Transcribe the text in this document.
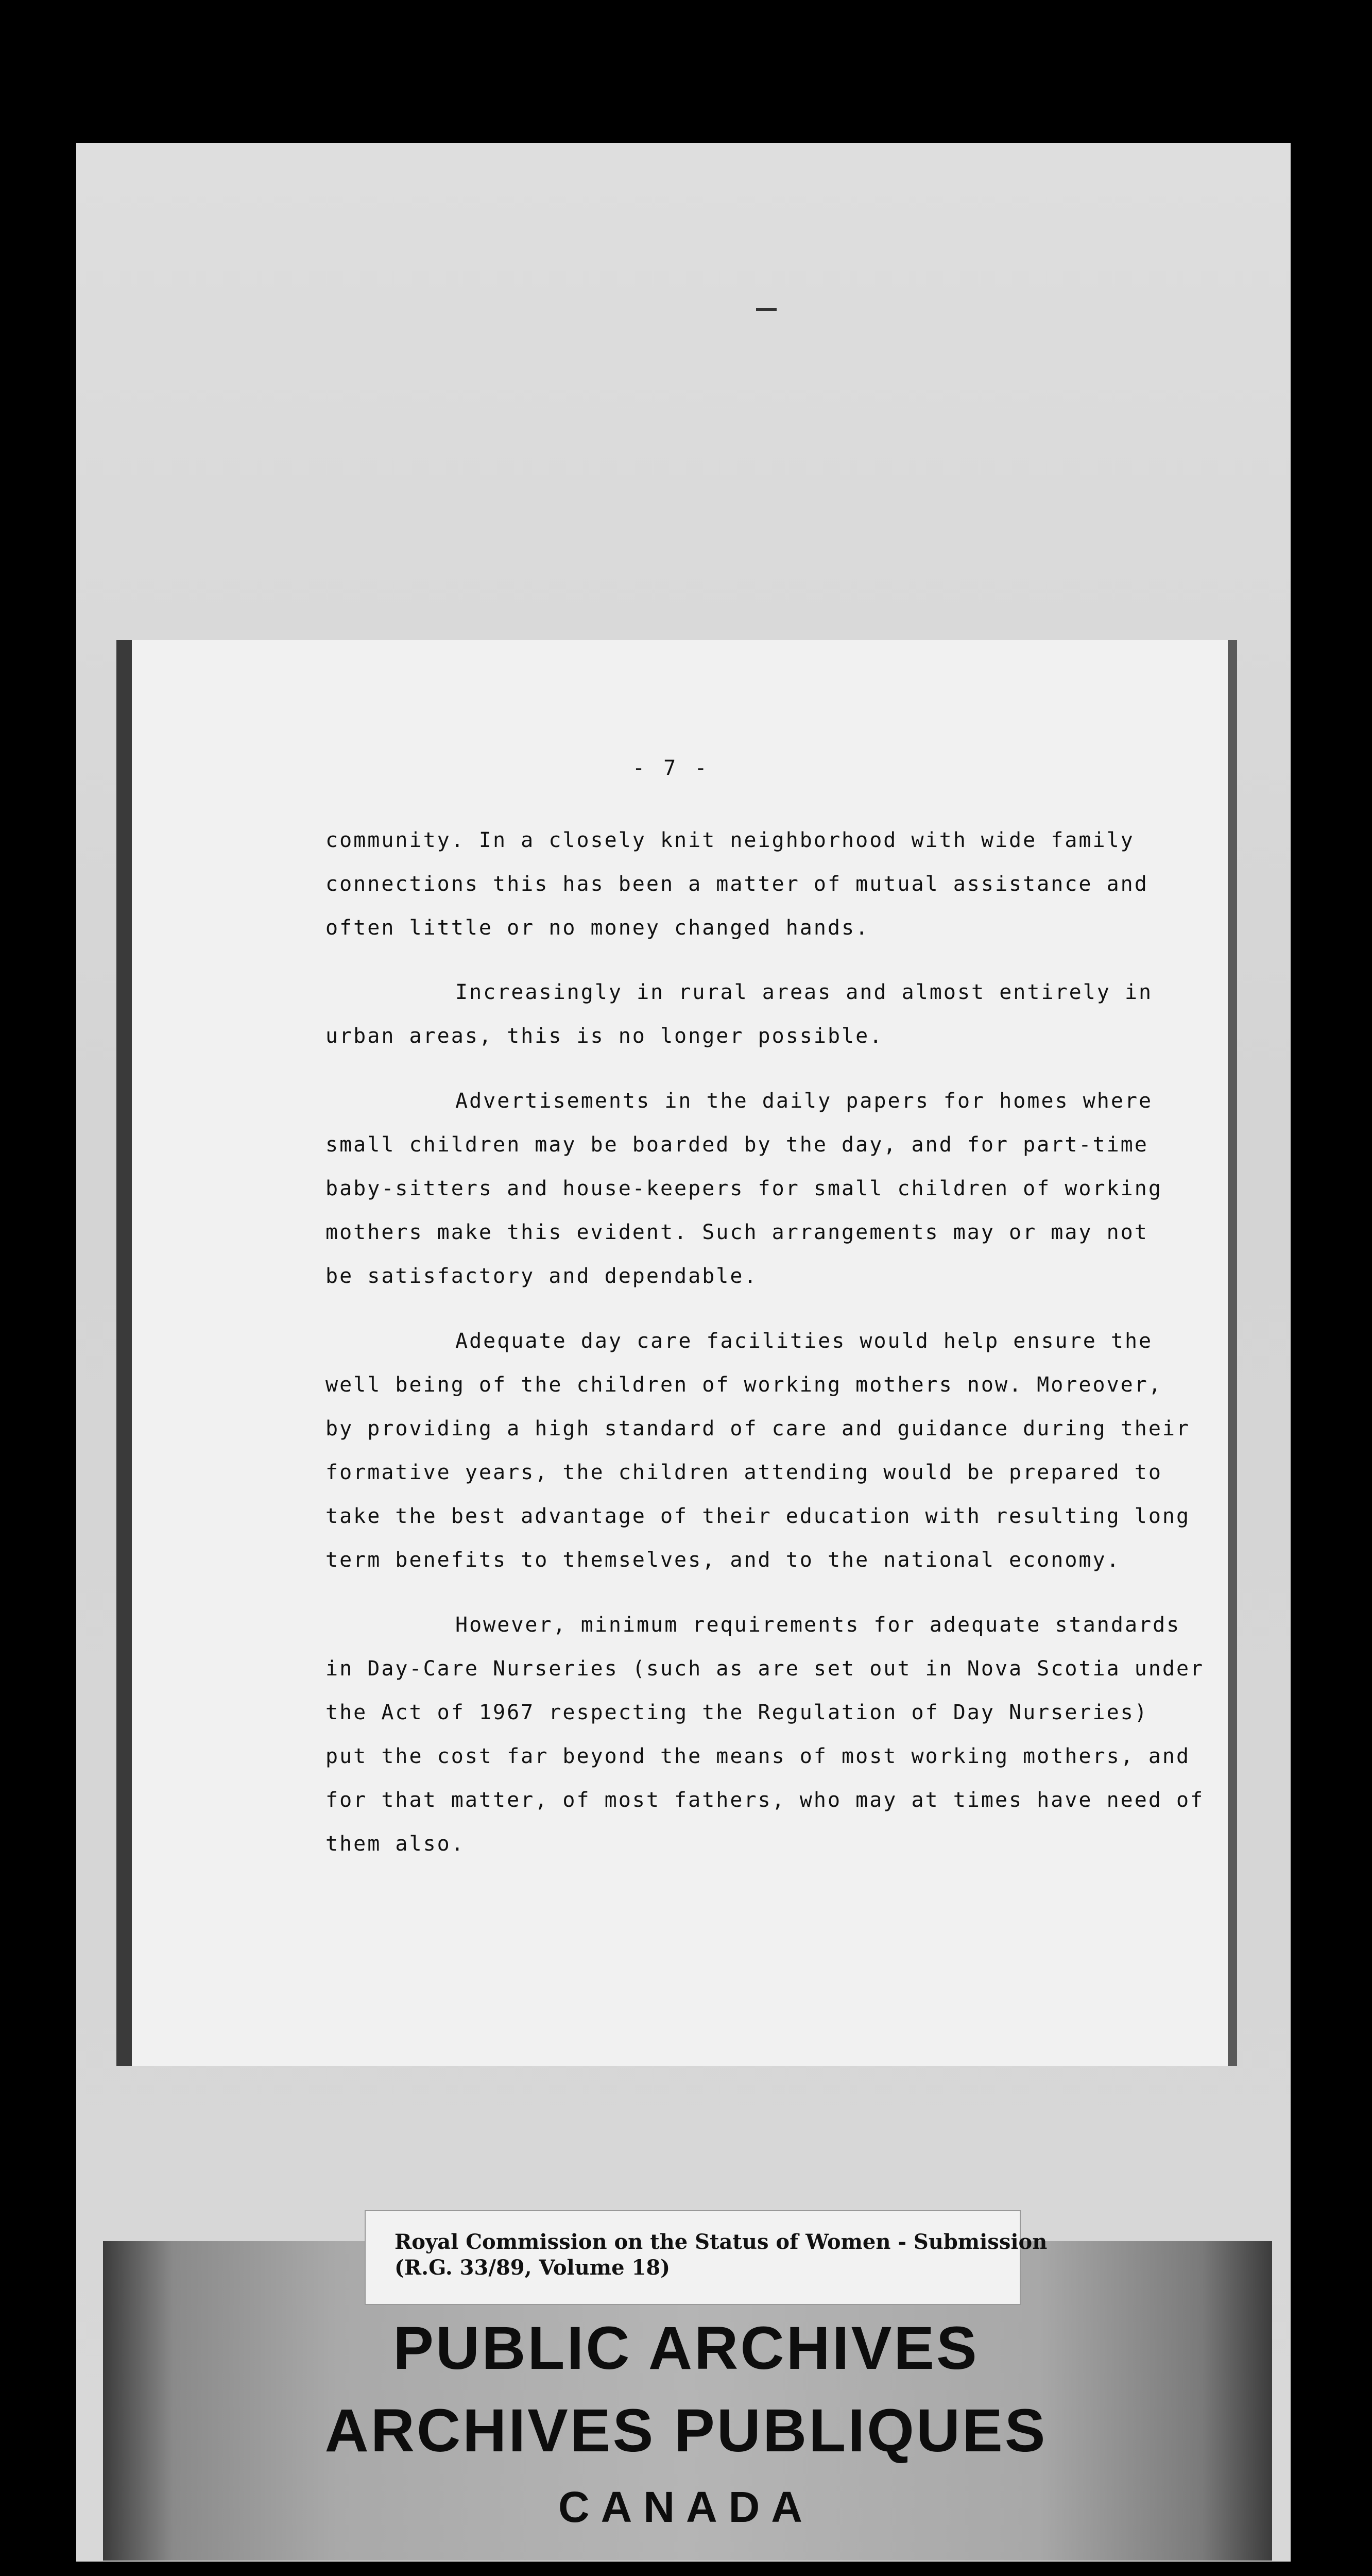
- 7 -
community. In a closely knit neighborhood with wide family
connections this has been a matter of mutual assistance and
often little or no money changed hands.
Increasingly in rural areas and almost entirely in
urban areas, this is no longer possible.
Advertisements in the daily papers for homes where
small children may be boarded by the day, and for part-time
baby-sitters and house-keepers for small children of working
mothers make this evident. Such arrangements may or may not
be satisfactory and dependable.
Adequate day care facilities would help ensure the
well being of the children of working mothers now. Moreover,
by providing a high standard of care and guidance during their
formative years, the children attending would be prepared to
take the best advantage of their education with resulting long
term benefits to themselves, and to the national economy.
However, minimum requirements for adequate standards
in Day-Care Nurseries (such as are set out in Nova Scotia under
the Act of 1967 respecting the Regulation of Day Nurseries)
put the cost far beyond the means of most working mothers, and
for that matter, of most fathers, who may at times have need of
them also.
Royal Commission on the Status of Women - Submission
(R.G. 33/89, Volume 18)
PUBLIC ARCHIVES
ARCHIVES PUBLIQUES
CANADA
